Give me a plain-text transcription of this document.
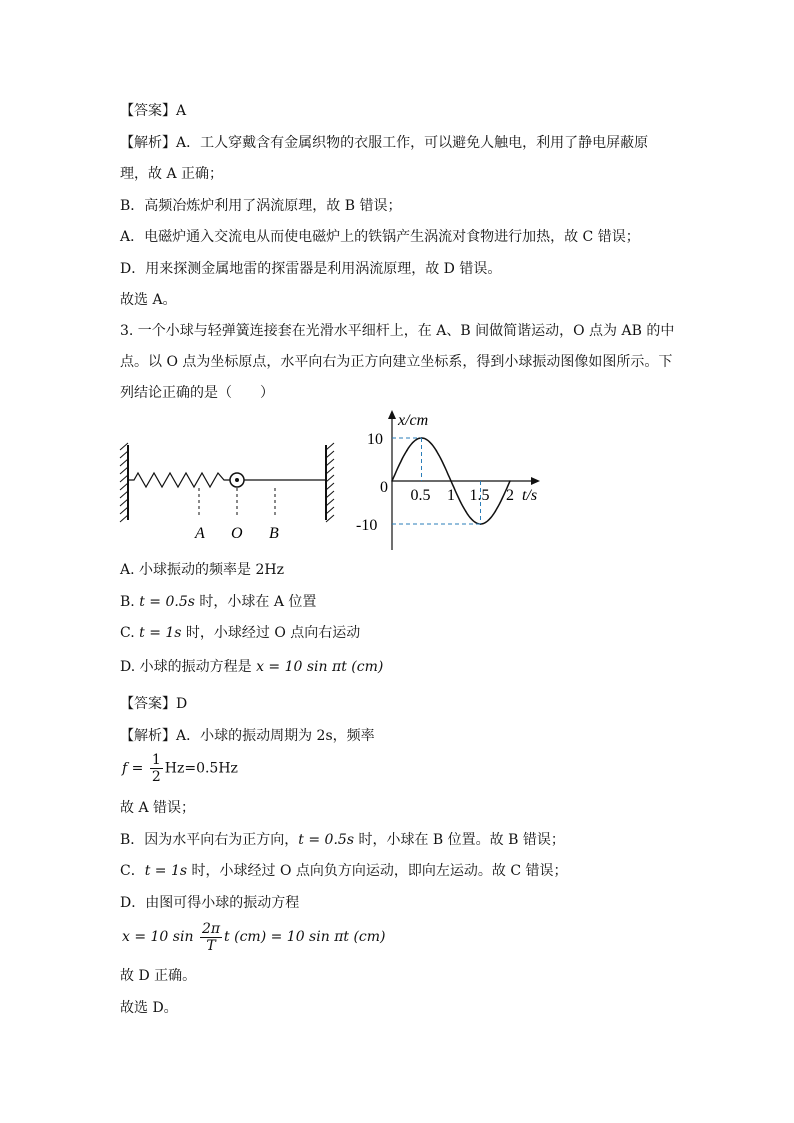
【答案】A
【解析】A．工人穿戴含有金属织物的衣服工作，可以避免人触电，利用了静电屏蔽原
理，故 A 正确；
B．高频冶炼炉利用了涡流原理，故 B 错误；
A．电磁炉通入交流电从而使电磁炉上的铁锅产生涡流对食物进行加热，故 C 错误；
D．用来探测金属地雷的探雷器是利用涡流原理，故 D 错误。
故选 A。
3. 一个小球与轻弹簧连接套在光滑水平细杆上，在 A、B 间做简谐运动，O 点为 AB 的中
点。以 O 点为坐标原点，水平向右为正方向建立坐标系，得到小球振动图像如图所示。下
列结论正确的是（　　）
A O B
x/cm
t/s
0 0.5 1 1.5 2
10
-10
A. 小球振动的频率是 2Hz
B. t = 0.5s 时，小球在 A 位置
C. t = 1s 时，小球经过 O 点向右运动
D. 小球的振动方程是 x = 10 sin πt (cm)
【答案】D
【解析】A．小球的振动周期为 2s，频率
$f = \frac{1}{2} Hz=0.5Hz$
故 A 错误；
B．因为水平向右为正方向，t = 0.5s 时，小球在 B 位置。故 B 错误；
C．t = 1s 时，小球经过 O 点向负方向运动，即向左运动。故 C 错误；
D．由图可得小球的振动方程
x = 10 $\sin \frac{2\pi}{T}$ t (cm) = 10 sin πt (cm)
故 D 正确。
故选 D。
